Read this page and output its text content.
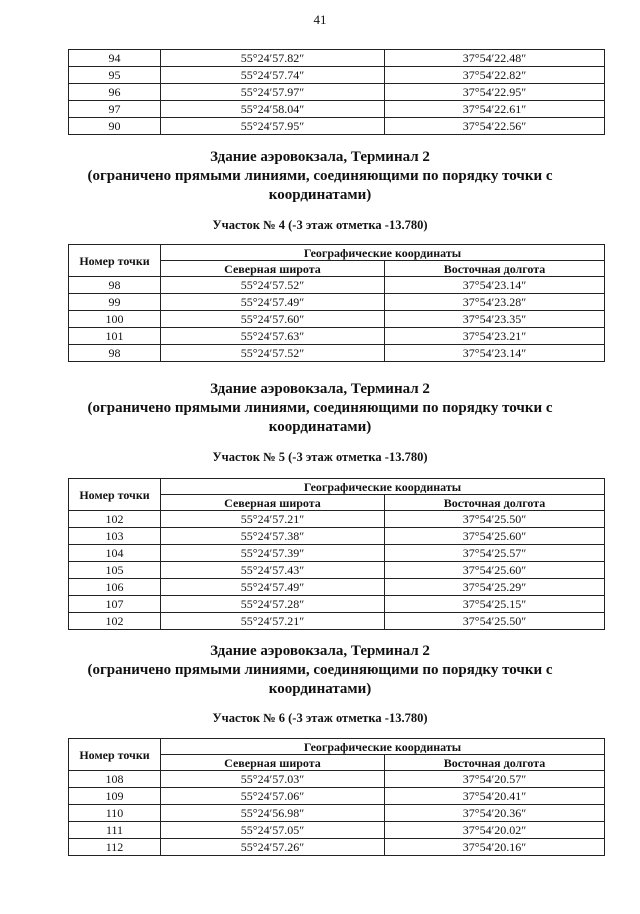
41
94	55°24′57.82″	37°54′22.48″
95	55°24′57.74″	37°54′22.82″
96	55°24′57.97″	37°54′22.95″
97	55°24′58.04″	37°54′22.61″
90	55°24′57.95″	37°54′22.56″
Здание аэровокзала, Терминал 2
(ограничено прямыми линиями, соединяющими по порядку точки с
координатами)
Участок № 4 (-3 этаж отметка -13.780)
Номер точки	Географические координаты	
	Северная широта	Восточная долгота
98	55°24′57.52″	37°54′23.14″
99	55°24′57.49″	37°54′23.28″
100	55°24′57.60″	37°54′23.35″
101	55°24′57.63″	37°54′23.21″
98	55°24′57.52″	37°54′23.14″
Здание аэровокзала, Терминал 2
(ограничено прямыми линиями, соединяющими по порядку точки с
координатами)
Участок № 5 (-3 этаж отметка -13.780)
Номер точки	Географические координаты	
	Северная широта	Восточная долгота
102	55°24′57.21″	37°54′25.50″
103	55°24′57.38″	37°54′25.60″
104	55°24′57.39″	37°54′25.57″
105	55°24′57.43″	37°54′25.60″
106	55°24′57.49″	37°54′25.29″
107	55°24′57.28″	37°54′25.15″
102	55°24′57.21″	37°54′25.50″
Здание аэровокзала, Терминал 2
(ограничено прямыми линиями, соединяющими по порядку точки с
координатами)
Участок № 6 (-3 этаж отметка -13.780)
Номер точки	Географические координаты	
	Северная широта	Восточная долгота
108	55°24′57.03″	37°54′20.57″
109	55°24′57.06″	37°54′20.41″
110	55°24′56.98″	37°54′20.36″
111	55°24′57.05″	37°54′20.02″
112	55°24′57.26″	37°54′20.16″
